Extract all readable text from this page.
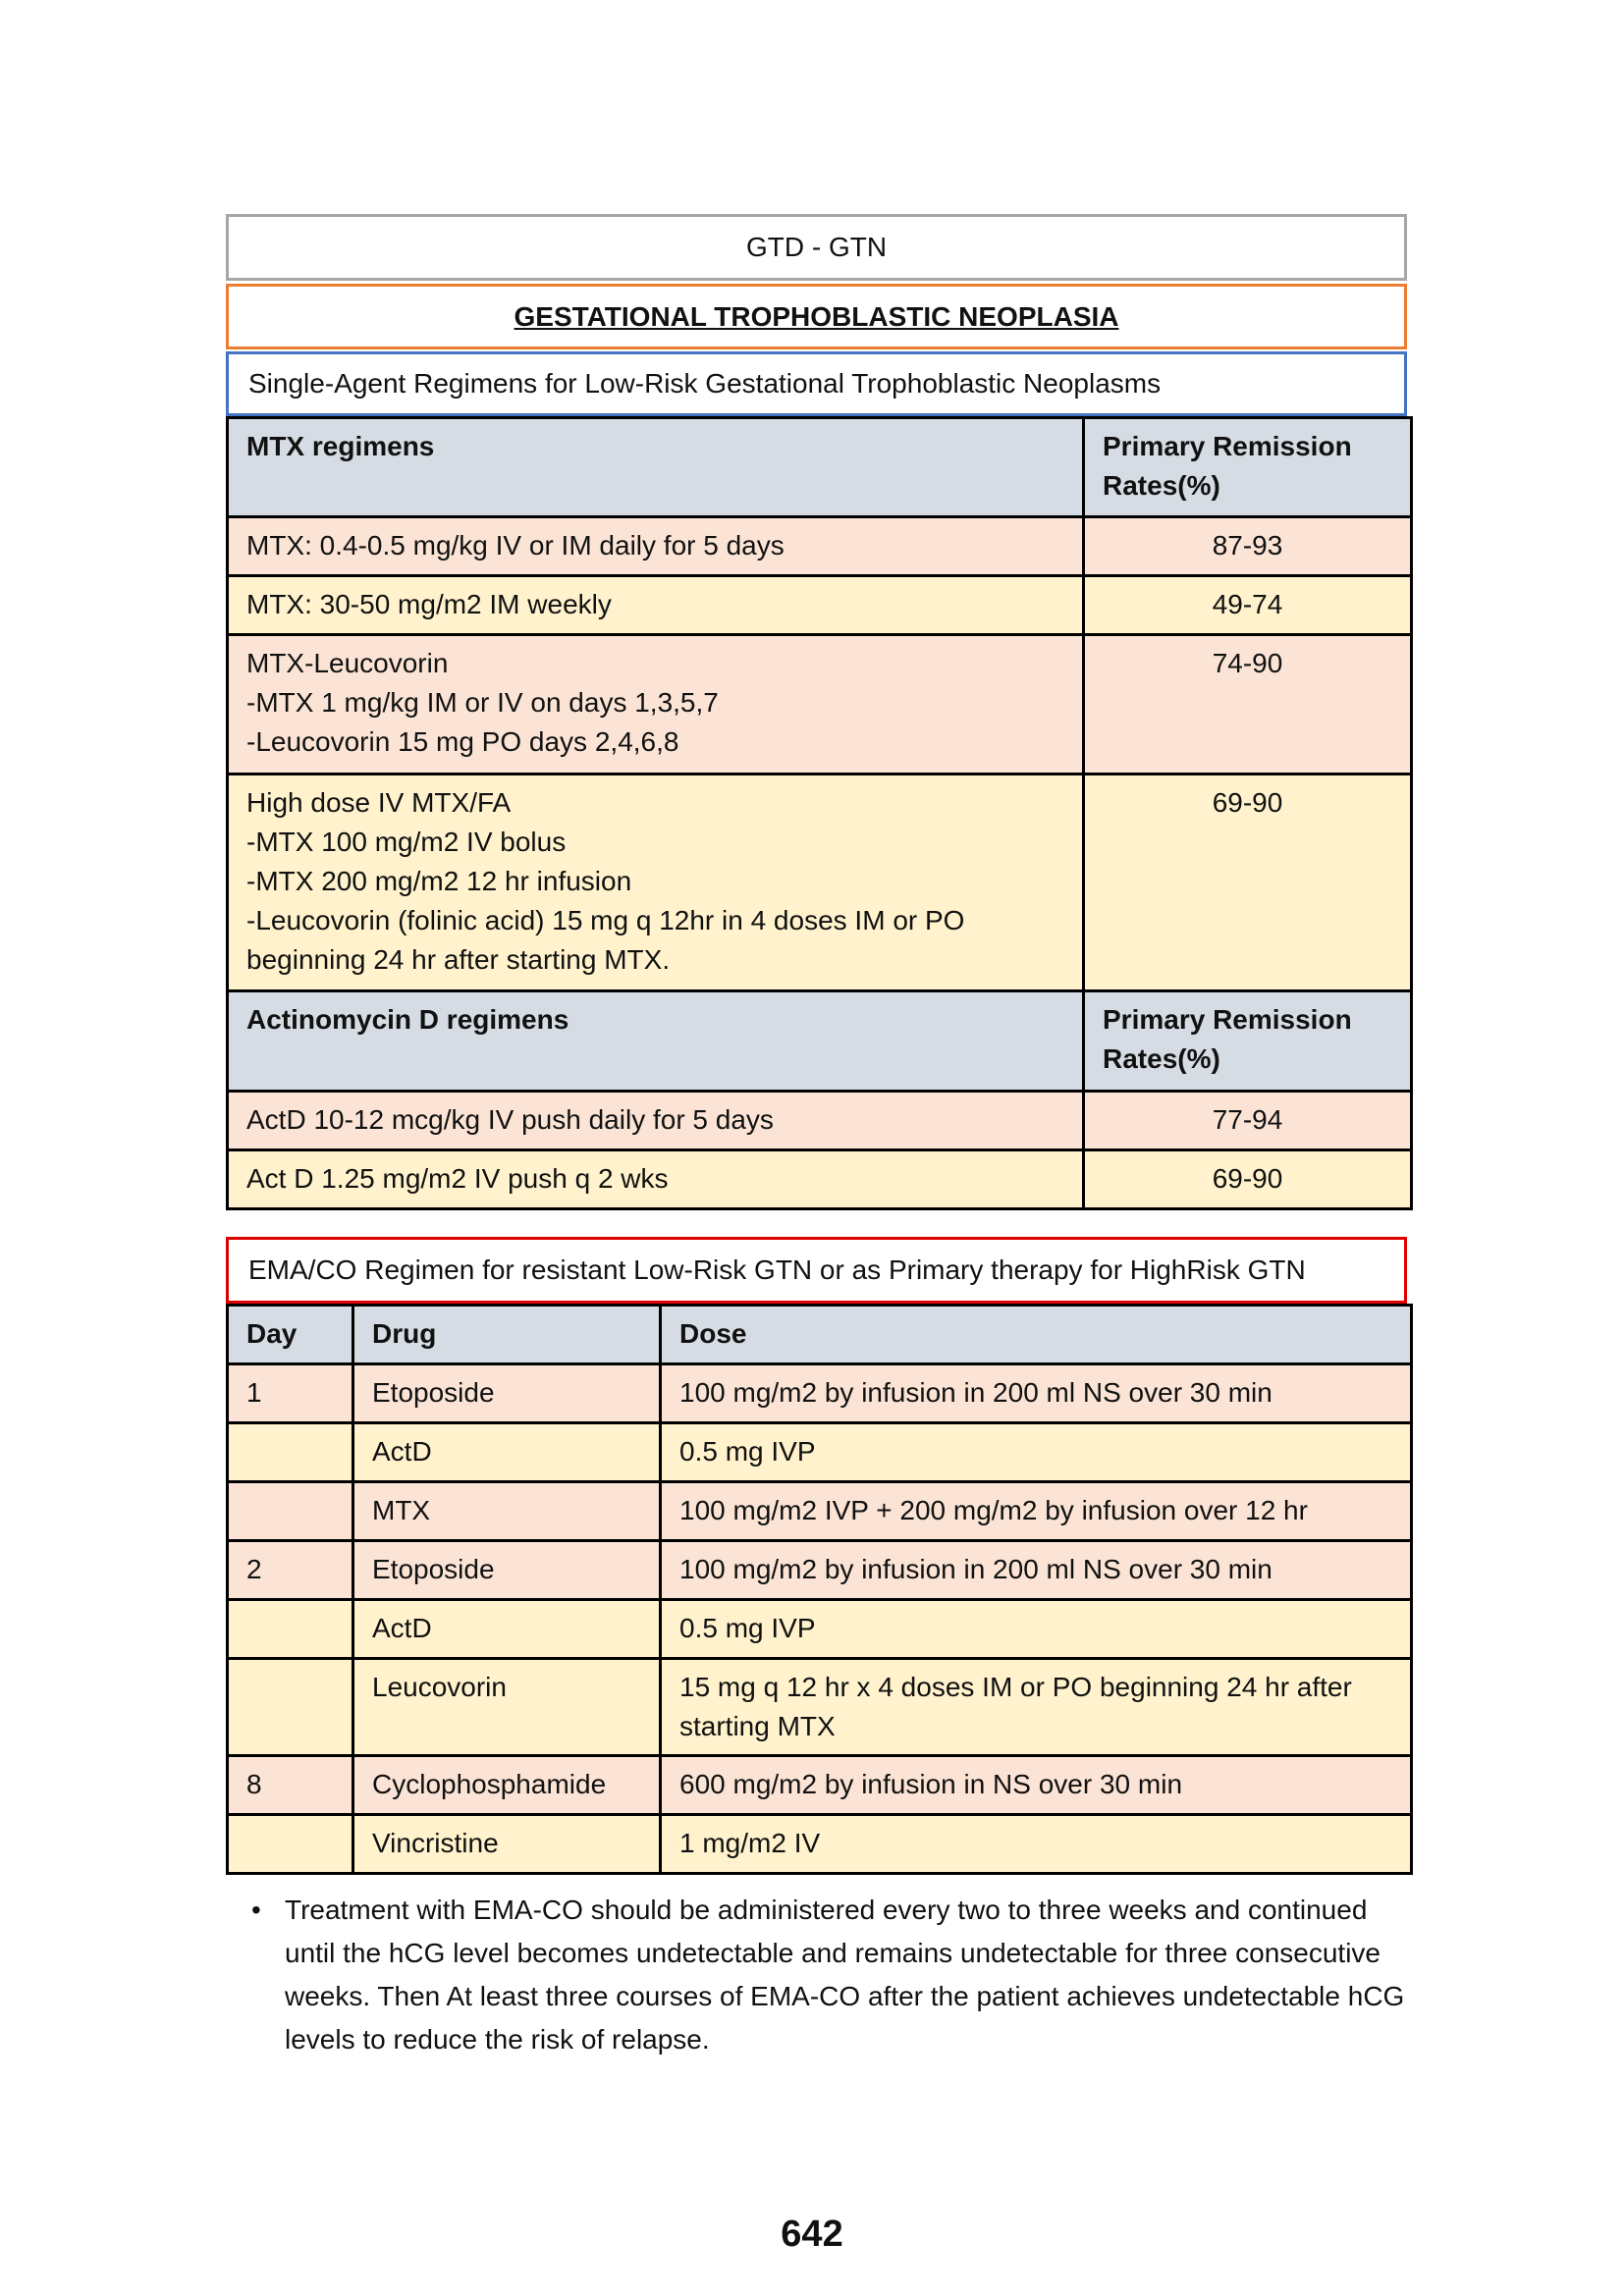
GTD - GTN
GESTATIONAL TROPHOBLASTIC NEOPLASIA
Single-Agent Regimens for Low-Risk Gestational Trophoblastic Neoplasms
MTX regimens	Primary Remission Rates(%)

MTX: 0.4-0.5 mg/kg IV or IM daily for 5 days	87-93

MTX: 30-50 mg/m2 IM weekly	49-74

MTX-Leucovorin
-MTX 1 mg/kg IM or IV on days 1,3,5,7
-Leucovorin 15 mg PO days 2,4,6,8	74-90

High dose IV MTX/FA
-MTX 100 mg/m2 IV bolus
-MTX 200 mg/m2 12 hr infusion
-Leucovorin (folinic acid) 15 mg q 12hr in 4 doses IM or PO beginning 24 hr after starting MTX.	69-90
Actinomycin D regimens	Primary Remission Rates(%)
ActD 10-12 mcg/kg IV push daily for 5 days	77-94
Act D 1.25 mg/m2 IV push q 2 wks	69-90
EMA/CO Regimen for resistant Low-Risk GTN or as Primary therapy for HighRisk GTN
Day	Drug	Dose
1	Etoposide	100 mg/m2 by infusion in 200 ml NS over 30 min
	ActD	0.5 mg IVP
	MTX	100 mg/m2 IVP + 200 mg/m2 by infusion over 12 hr
2	Etoposide	100 mg/m2 by infusion in 200 ml NS over 30 min
	ActD	0.5 mg IVP
	Leucovorin	15 mg q 12 hr x 4 doses IM or PO beginning 24 hr after starting MTX
8	Cyclophosphamide	600 mg/m2 by infusion in NS over 30 min
	Vincristine	1 mg/m2 IV
• Treatment with EMA-CO should be administered every two to three weeks and continued until the hCG level becomes undetectable and remains undetectable for three consecutive weeks. Then At least three courses of EMA-CO after the patient achieves undetectable hCG levels to reduce the risk of relapse.
642
